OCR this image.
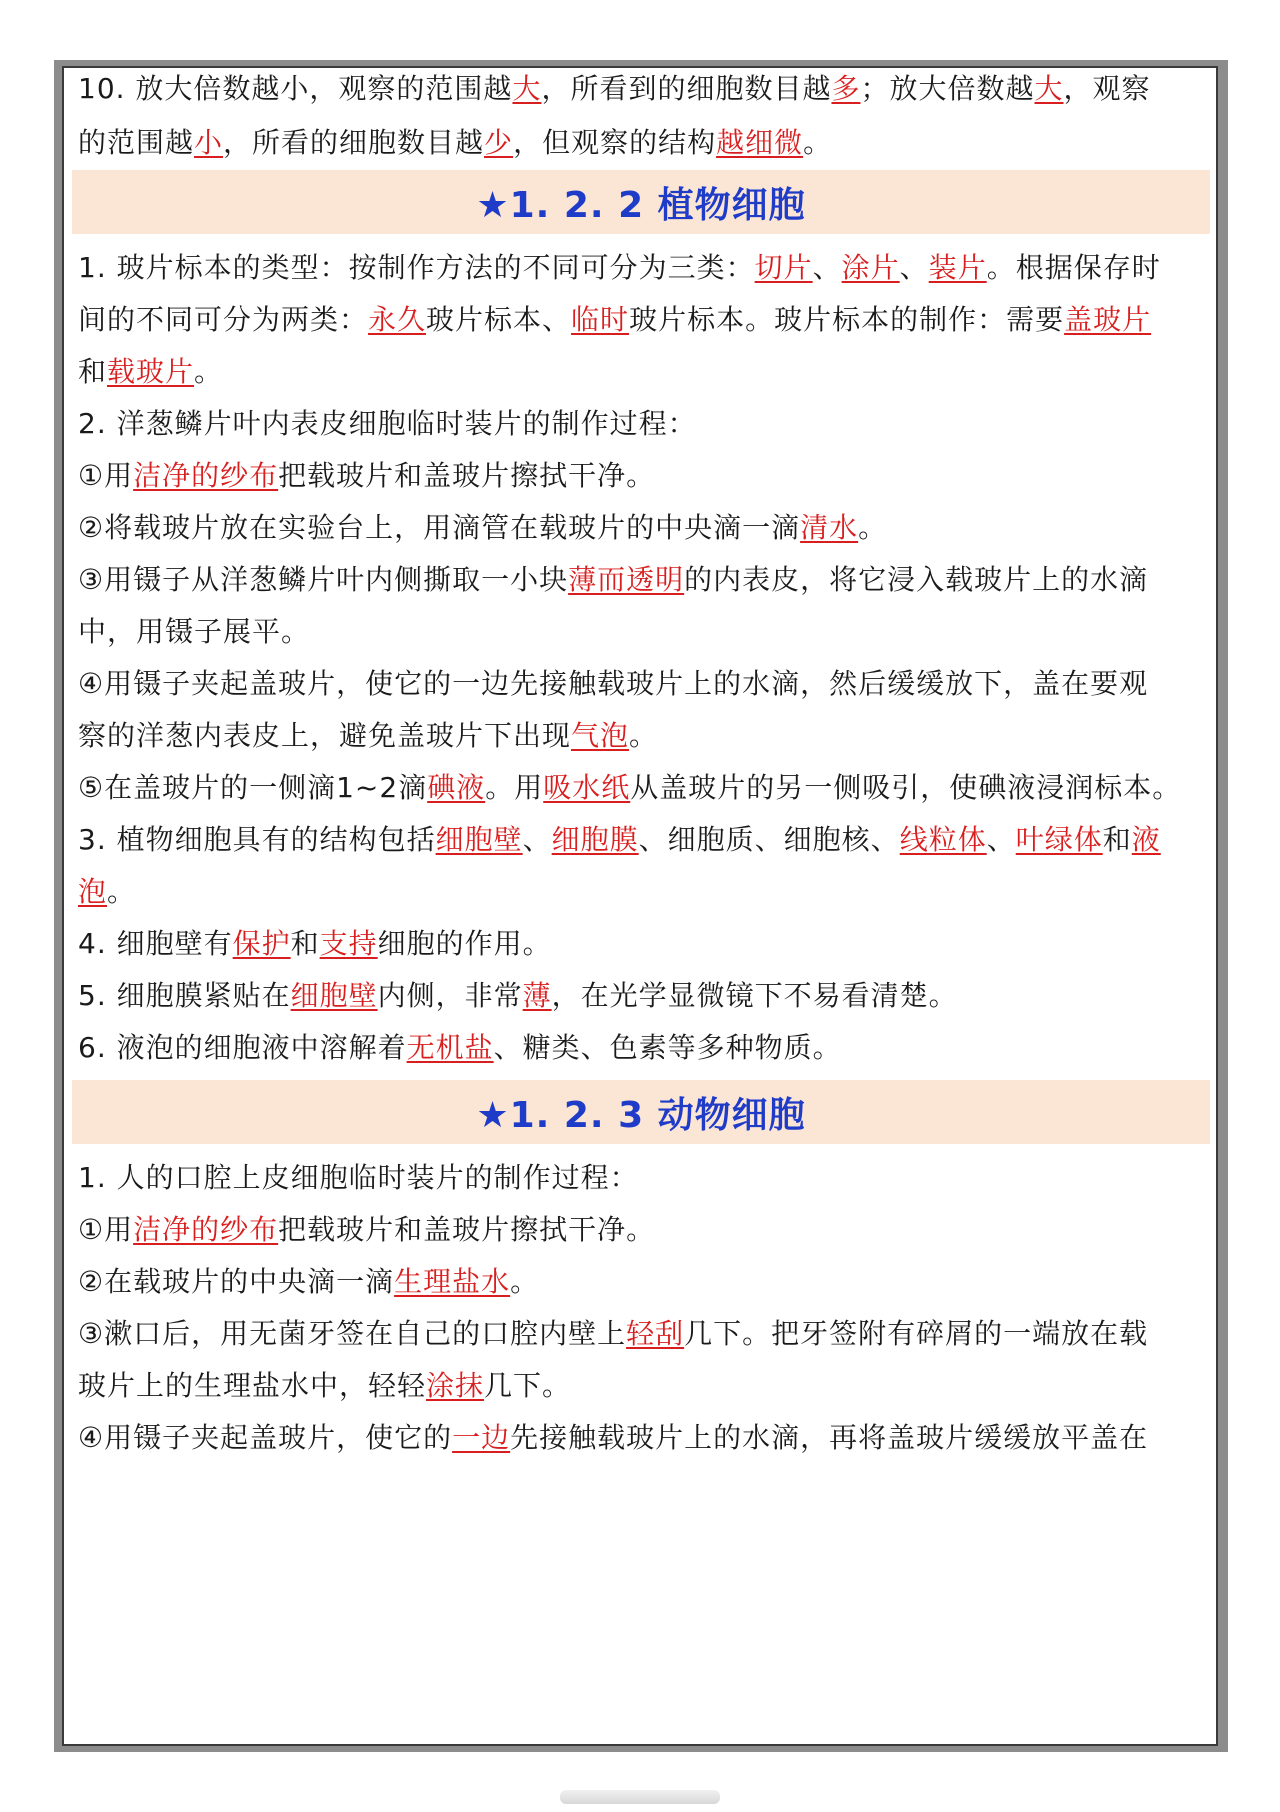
10. 放大倍数越小，观察的范围越大，所看到的细胞数目越多；放大倍数越大，观察
的范围越小，所看的细胞数目越少，但观察的结构越细微。
★1. 2. 2 植物细胞
1. 玻片标本的类型：按制作方法的不同可分为三类：切片、涂片、装片。根据保存时
间的不同可分为两类：永久玻片标本、临时玻片标本。玻片标本的制作：需要盖玻片
和载玻片。
2. 洋葱鳞片叶内表皮细胞临时装片的制作过程：
①用洁净的纱布把载玻片和盖玻片擦拭干净。
②将载玻片放在实验台上，用滴管在载玻片的中央滴一滴清水。
③用镊子从洋葱鳞片叶内侧撕取一小块薄而透明的内表皮，将它浸入载玻片上的水滴
中，用镊子展平。
④用镊子夹起盖玻片，使它的一边先接触载玻片上的水滴，然后缓缓放下，盖在要观
察的洋葱内表皮上，避免盖玻片下出现气泡。
⑤在盖玻片的一侧滴1~2滴碘液。用吸水纸从盖玻片的另一侧吸引，使碘液浸润标本。
3. 植物细胞具有的结构包括细胞壁、细胞膜、细胞质、细胞核、线粒体、叶绿体和液
泡。
4. 细胞壁有保护和支持细胞的作用。
5. 细胞膜紧贴在细胞壁内侧，非常薄，在光学显微镜下不易看清楚。
6. 液泡的细胞液中溶解着无机盐、糖类、色素等多种物质。
★1. 2. 3 动物细胞
1. 人的口腔上皮细胞临时装片的制作过程：
①用洁净的纱布把载玻片和盖玻片擦拭干净。
②在载玻片的中央滴一滴生理盐水。
③漱口后，用无菌牙签在自己的口腔内壁上轻刮几下。把牙签附有碎屑的一端放在载
玻片上的生理盐水中，轻轻涂抹几下。
④用镊子夹起盖玻片，使它的一边先接触载玻片上的水滴，再将盖玻片缓缓放平盖在
